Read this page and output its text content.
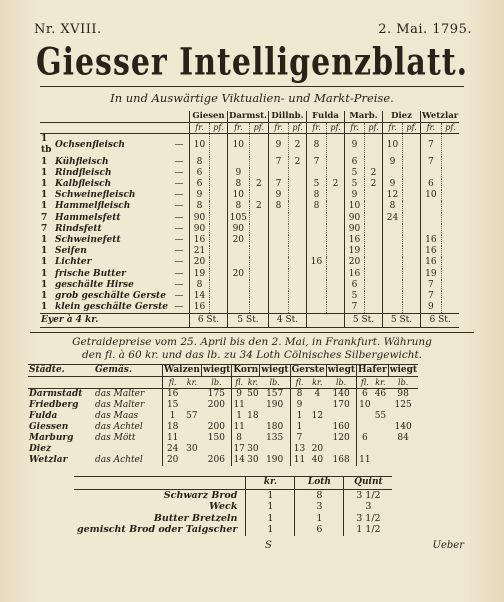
Nr. XVIII.	2. Mai. 1795.
Giesser Intelligenzblatt.
In und Auswärtige Viktualien- und Markt-Preise.
			Giesen		Darmst.		Dillnb.		Fulda		Marb.		Diez		Wetzlar	
			fr.	pf.	fr.	pf.	fr.	pf.	fr.	pf.	fr.	pf.	fr.	pf.	fr.	pf.
1 tb	Ochsenfleisch	—	10		10		9	2	8		9		10		7	
1	Kühfleisch	—	8				7	2	7		6		9		7	
1	Rindfleisch	—	6		9						5	2				
1	Kalbfleisch	—	6		8	2	7		5	2	5	2	9		6	
1	Schweinefleisch	—	9		10		9		8		9		12		10	
1	Hammelfleisch	—	8		8	2	8		8		10		8			
7	Hammelsfett	—	90		105						90		24			
7	Rindsfett	—	90		90						90					
1	Schweinefett	—	16		20						16				16	
1	Seifen	—	21								19				16	
1	Lichter	—	20						16		20				16	
1	frische Butter	—	19		20						16				19	
1	geschälte Hirse	—	8								6				7	
1	grob geschälte Gerste	—	14								5				7	
1	klein geschälte Gerste	—	16								7				9	
Eyer à 4 kr.			6 St.		5 St.		4 St.				5 St.		5 St.		6 St.	
Getraidepreise vom 25. April bis den 2. Mai, in Frankfurt. Währung
den fl. à 60 kr. und das lb. zu 34 Loth Cölnisches Silbergewicht.
Städte.	Gemäs.	Waizen		wiegt	Korn		wiegt	Gerste		wiegt	Hafer		wiegt
		fl.	kr.	lb.	fl.	kr.	lb.	fl.	kr.	lb.	fl.	kr.	lb.
Darmstadt	das Malter	16		175	9	50	157	8	4	140	6	46	98
Friedberg	das Malter	15		200	11		190	9		170	10		125
Fulda	das Maas	1	57		1	18		1	12			55	
Giessen	das Achtel	18		200	11		180	1		160			140
Marburg	das Mött	11		150	8		135	7		120	6		84
Diez		24	30		17	30		13	20				
Wetzlar	das Achtel	20		206	14	30	190	11	40	168	11		
	kr.	Loth	Quint
Schwarz Brod	1	8	3 1/2
Weck	1	3	3
Butter Bretzeln	1	1	3 1/2
gemischt Brod oder Taigscher	1	6	1 1/2
S	Ueber
